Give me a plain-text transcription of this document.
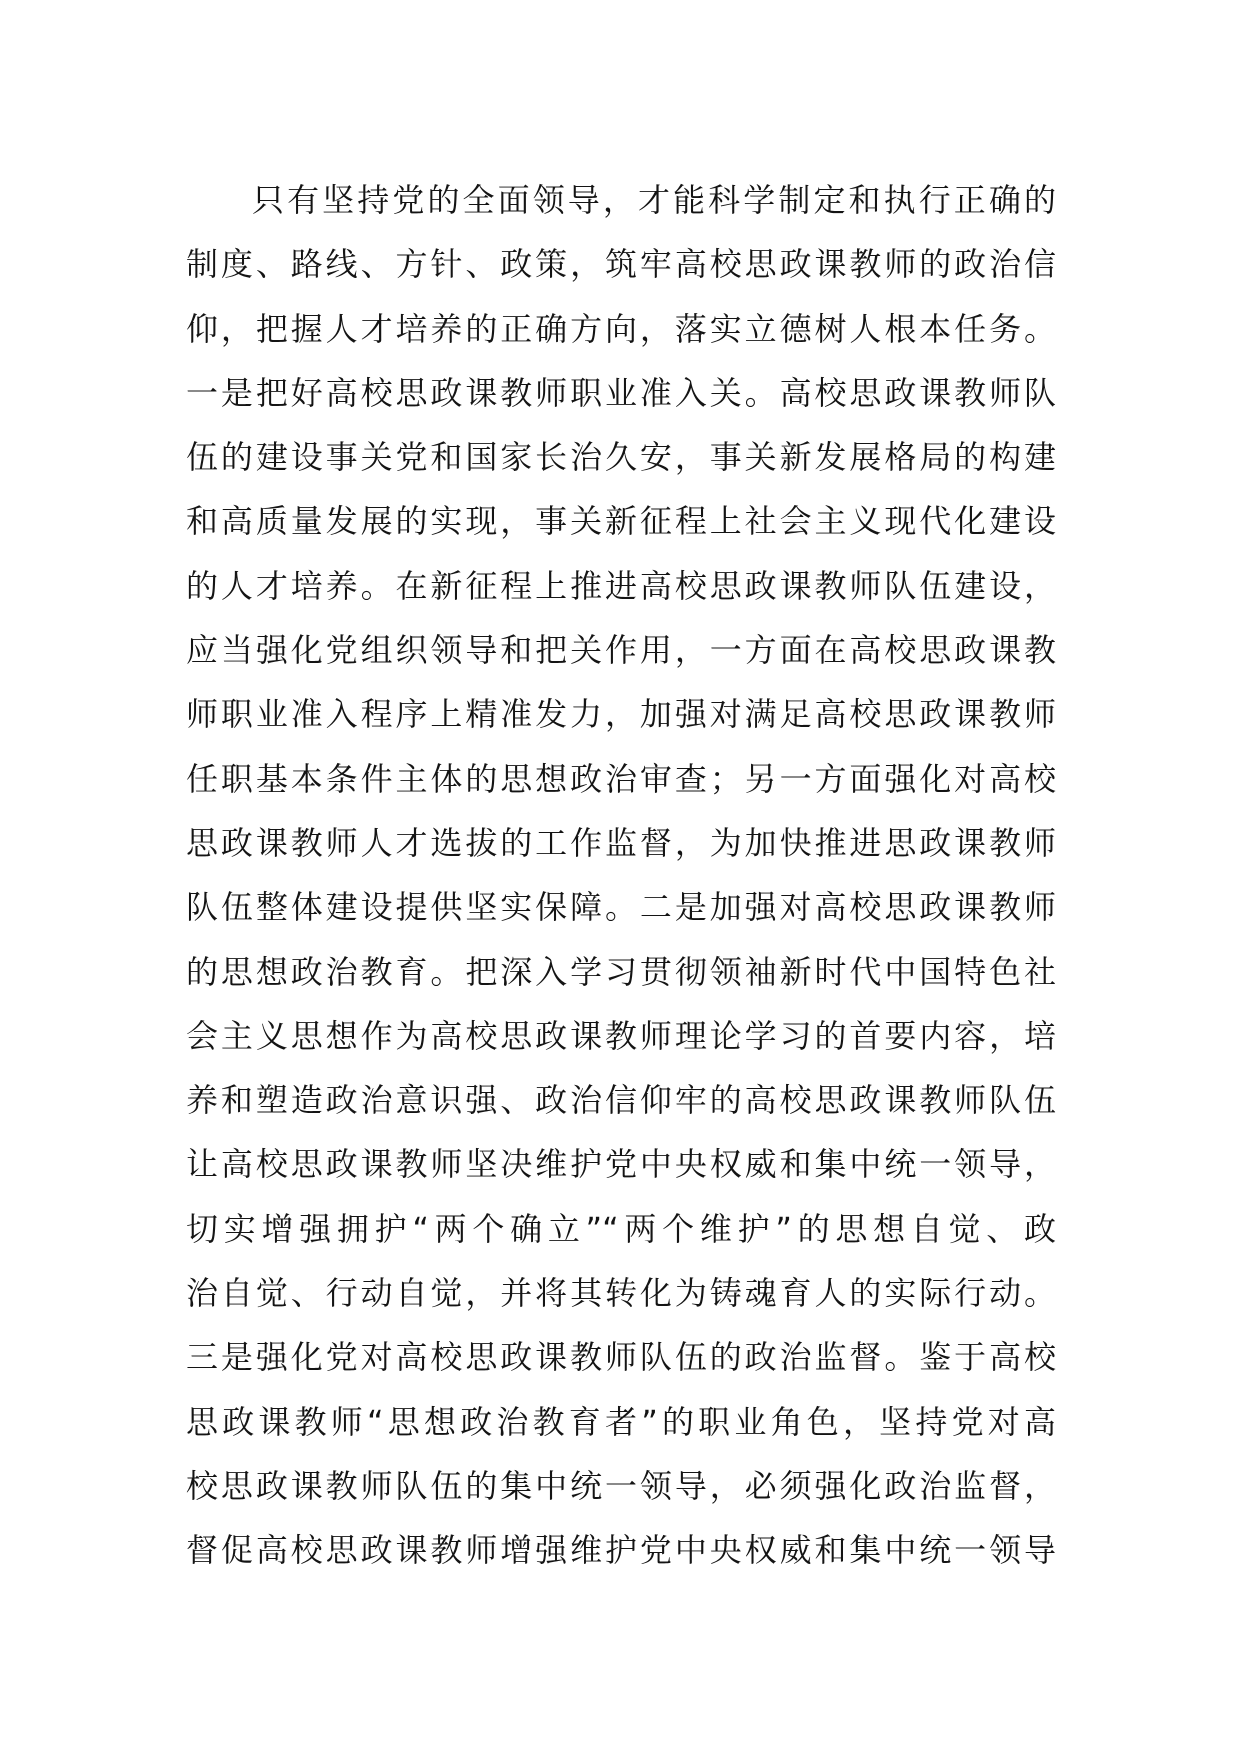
只有坚持党的全面领导，才能科学制定和执行正确的
制度、路线、方针、政策，筑牢高校思政课教师的政治信
仰，把握人才培养的正确方向，落实立德树人根本任务。
一是把好高校思政课教师职业准入关。高校思政课教师队
伍的建设事关党和国家长治久安，事关新发展格局的构建
和高质量发展的实现，事关新征程上社会主义现代化建设
的人才培养。在新征程上推进高校思政课教师队伍建设，
应当强化党组织领导和把关作用，一方面在高校思政课教
师职业准入程序上精准发力，加强对满足高校思政课教师
任职基本条件主体的思想政治审查；另一方面强化对高校
思政课教师人才选拔的工作监督，为加快推进思政课教师
队伍整体建设提供坚实保障。二是加强对高校思政课教师
的思想政治教育。把深入学习贯彻领袖新时代中国特色社
会主义思想作为高校思政课教师理论学习的首要内容，培
养和塑造政治意识强、政治信仰牢的高校思政课教师队伍
让高校思政课教师坚决维护党中央权威和集中统一领导，
切实增强拥护“两个确立”“两个维护”的思想自觉、政
治自觉、行动自觉，并将其转化为铸魂育人的实际行动。
三是强化党对高校思政课教师队伍的政治监督。鉴于高校
思政课教师“思想政治教育者”的职业角色，坚持党对高
校思政课教师队伍的集中统一领导，必须强化政治监督，
督促高校思政课教师增强维护党中央权威和集中统一领导
